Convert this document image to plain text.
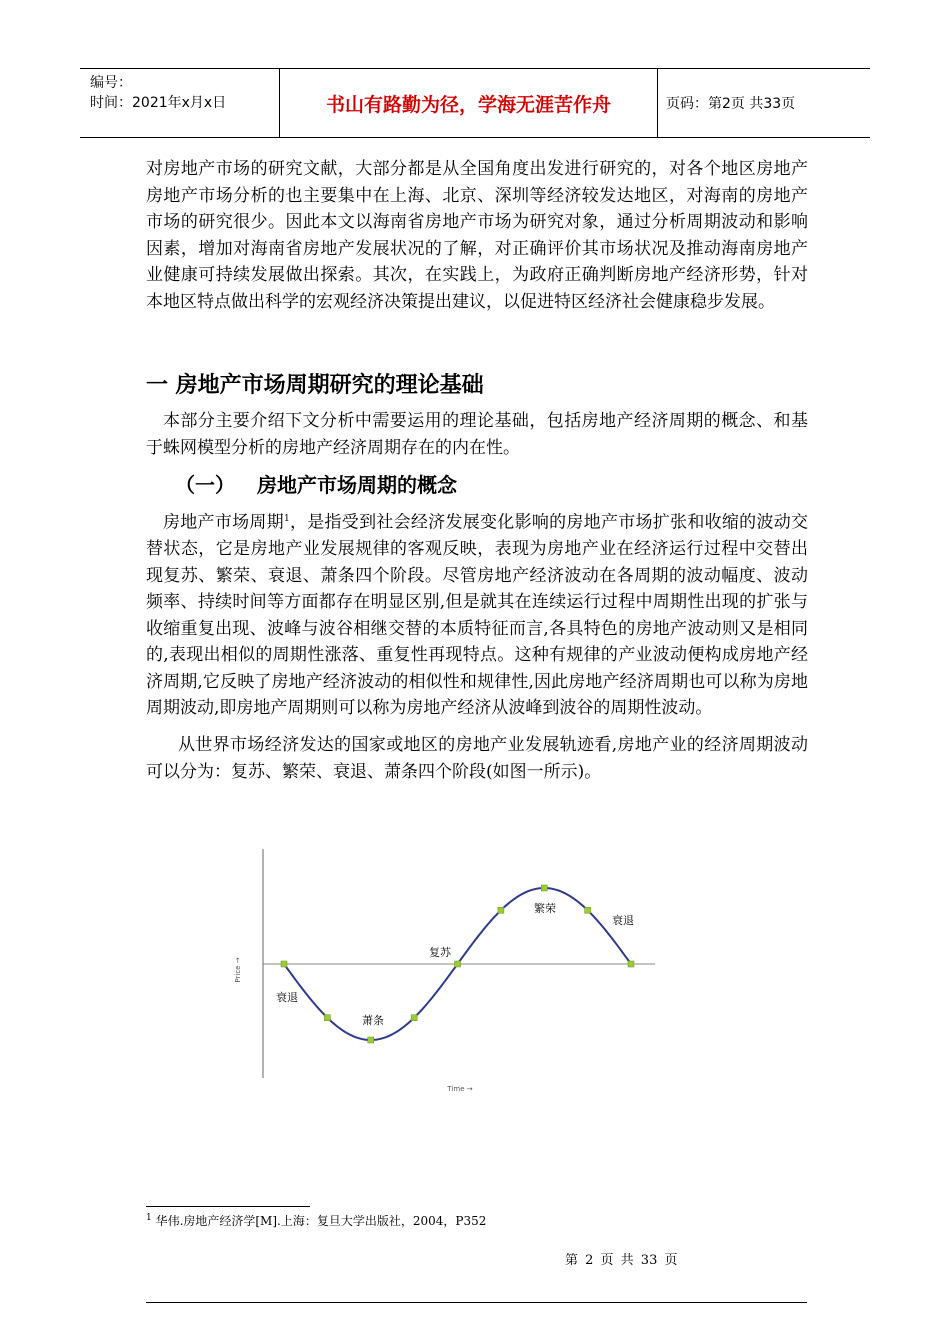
编号：
时间：2021年x月x日	书山有路勤为径，学海无涯苦作舟	页码：第2页 共33页

对房地产市场的研究文献，大部分都是从全国角度出发进行研究的，对各个地区房地产房地产市场分析的也主要集中在上海、北京、深圳等经济较发达地区，对海南的房地产市场的研究很少。因此本文以海南省房地产市场为研究对象，通过分析周期波动和影响因素，增加对海南省房地产发展状况的了解，对正确评价其市场状况及推动海南房地产业健康可持续发展做出探索。其次，在实践上，为政府正确判断房地产经济形势，针对本地区特点做出科学的宏观经济决策提出建议，以促进特区经济社会健康稳步发展。

一 房地产市场周期研究的理论基础

本部分主要介绍下文分析中需要运用的理论基础，包括房地产经济周期的概念、和基于蛛网模型分析的房地产经济周期存在的内在性。

（一） 房地产市场周期的概念

房地产市场周期$^1$，是指受到社会经济发展变化影响的房地产市场扩张和收缩的波动交替状态，它是房地产业发展规律的客观反映，表现为房地产业在经济运行过程中交替出现复苏、繁荣、衰退、萧条四个阶段。尽管房地产经济波动在各周期的波动幅度、波动频率、持续时间等方面都存在明显区别,但是就其在连续运行过程中周期性出现的扩张与收缩重复出现、波峰与波谷相继交替的本质特征而言,各具特色的房地产波动则又是相同的,表现出相似的周期性涨落、重复性再现特点。这种有规律的产业波动便构成房地产经济周期,它反映了房地产经济波动的相似性和规律性,因此房地产经济周期也可以称为房地周期波动,即房地产周期则可以称为房地产经济从波峰到波谷的周期性波动。

从世界市场经济发达的国家或地区的房地产业发展轨迹看,房地产业的经济周期波动可以分为：复苏、繁荣、衰退、萧条四个阶段(如图一所示)。

Price →
Time →
衰退
萧条
复苏
繁荣
衰退
$^1$ 华伟.房地产经济学[M].上海：复旦大学出版社，2004，P352
第 2 页 共 33 页
